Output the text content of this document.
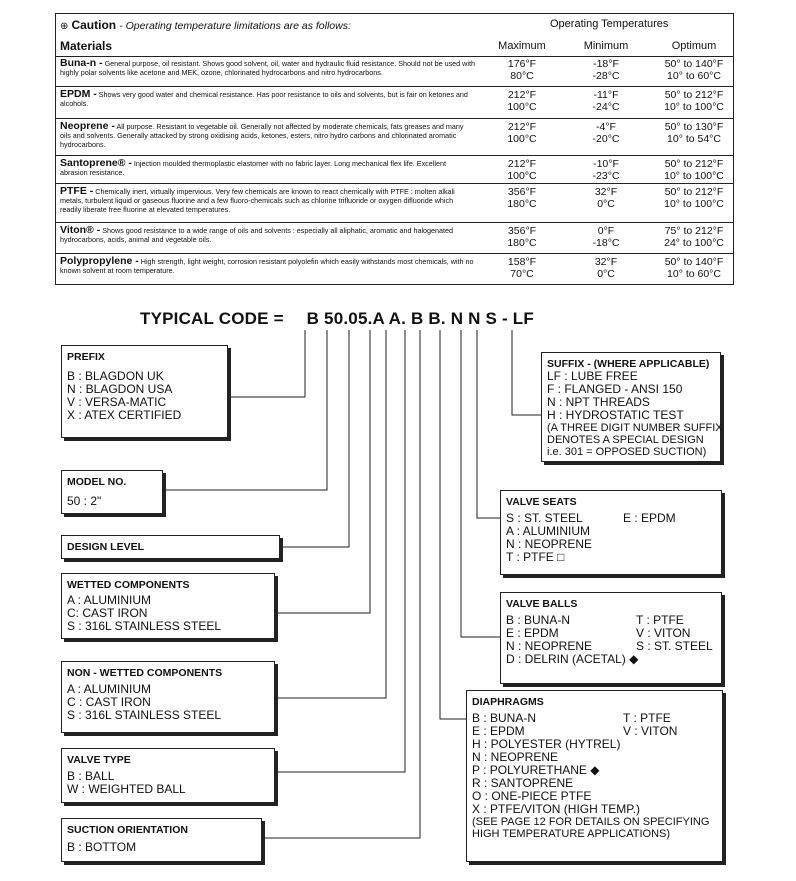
⊕ Caution - Operating temperature limitations are as follows:
Materials
Operating Temperatures
Maximum	Minimum	Optimum
Buna-n - General purpose, oil resistant. Shows good solvent, oil, water and hydraulic fluid resistance. Should not be used with highly polar solvents like acetone and MEK, ozone, chlorinated hydrocarbons and nitro hydrocarbons.
176°F
80°C
-18°F
-28°C
50° to 140°F
10° to 60°C
EPDM - Shows very good water and chemical resistance. Has poor resistance to oils and solvents, but is fair on ketones and alcohols.
212°F
100°C
-11°F
-24°C
50° to 212°F
10° to 100°C
Neoprene - All purpose. Resistant to vegetable oil. Generally not affected by moderate chemicals, fats greases and many oils and solvents. Generally attacked by strong oxidising acids, ketones, esters, nitro hydro carbons and chlorinated aromatic hydrocarbons.
212°F
100°C
-4°F
-20°C
50° to 130°F
10° to 54°C
Santoprene® - Injection moulded thermoplastic elastomer with no fabric layer. Long mechanical flex life. Excellent abrasion resistance.
212°F
100°C
-10°F
-23°C
50° to 212°F
10° to 100°C
PTFE - Chemically inert, virtually impervious. Very few chemicals are known to react chemically with PTFE : molten alkali metals, turbulent liquid or gaseous fluorine and a few fluoro-chemicals such as chlorine trifluoride or oxygen difluoride which readily liberate free fluorine at elevated temperatures.
356°F
180°C
32°F
0°C
50° to 212°F
10° to 100°C
Viton® - Shows good resistance to a wide range of oils and solvents : especially all aliphatic, aromatic and halogenated hydrocarbons, acids, animal and vegetable oils.
356°F
180°C
0°F
-18°C
75° to 212°F
24° to 100°C
Polypropylene - High strength, light weight, corrosion resistant polyolefin which easily withstands most chemicals, with no known solvent at room temperature.
158°F
70°C
32°F
0°C
50° to 140°F
10° to 60°C
TYPICAL CODE = B 50.05.A A. B B. N N S - LF
PREFIX
B : BLAGDON UK
N : BLAGDON USA
V : VERSA-MATIC
X : ATEX CERTIFIED
MODEL NO.
50 : 2"
DESIGN LEVEL
WETTED COMPONENTS
A : ALUMINIUM
C: CAST IRON
S : 316L STAINLESS STEEL
NON - WETTED COMPONENTS
A : ALUMINIUM
C : CAST IRON
S : 316L STAINLESS STEEL
VALVE TYPE
B : BALL
W : WEIGHTED BALL
SUCTION ORIENTATION
B : BOTTOM
SUFFIX - (WHERE APPLICABLE)
LF : LUBE FREE
F : FLANGED - ANSI 150
N : NPT THREADS
H : HYDROSTATIC TEST
(A THREE DIGIT NUMBER SUFFIX
DENOTES A SPECIAL DESIGN
i.e. 301 = OPPOSED SUCTION)
VALVE SEATS
S : ST. STEEL
A : ALUMINIUM
N : NEOPRENE
T : PTFE □
E : EPDM
VALVE BALLS
B : BUNA-N
E : EPDM
N : NEOPRENE
D : DELRIN (ACETAL) ◆
T : PTFE
V : VITON
S : ST. STEEL
DIAPHRAGMS
B : BUNA-N
E : EPDM
H : POLYESTER (HYTREL)
N : NEOPRENE
P : POLYURETHANE ◆
R : SANTOPRENE
O : ONE-PIECE PTFE
X : PTFE/VITON (HIGH TEMP.)
T : PTFE
V : VITON
(SEE PAGE 12 FOR DETAILS ON SPECIFYING
HIGH TEMPERATURE APPLICATIONS)
